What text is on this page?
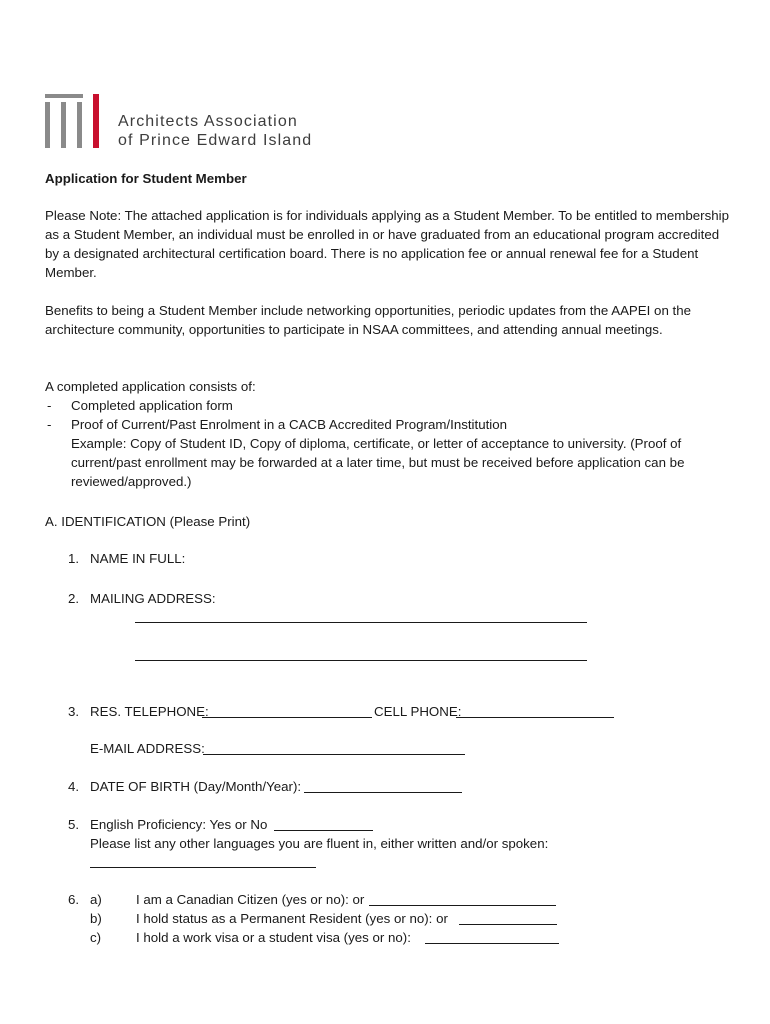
Architects Association
of Prince Edward Island
Application for Student Member
Please Note: The attached application is for individuals applying as a Student Member. To be entitled to membership as a Student Member, an individual must be enrolled in or have graduated from an educational program accredited by a designated architectural certification board. There is no application fee or annual renewal fee for a Student Member.
Benefits to being a Student Member include networking opportunities, periodic updates from the AAPEI on the architecture community, opportunities to participate in NSAA committees, and attending annual meetings.
A completed application consists of:
- Completed application form
- Proof of Current/Past Enrolment in a CACB Accredited Program/Institution
Example: Copy of Student ID, Copy of diploma, certificate, or letter of acceptance to university. (Proof of current/past enrollment may be forwarded at a later time, but must be received before application can be reviewed/approved.)
A. IDENTIFICATION (Please Print)
1. NAME IN FULL:
2. MAILING ADDRESS:
3. RES. TELEPHONE:	CELL PHONE:
E-MAIL ADDRESS:
4. DATE OF BIRTH (Day/Month/Year):
5. English Proficiency: Yes or No
Please list any other languages you are fluent in, either written and/or spoken:
6. a)	I am a Canadian Citizen (yes or no): or
b)	I hold status as a Permanent Resident (yes or no): or
c)	I hold a work visa or a student visa (yes or no):
